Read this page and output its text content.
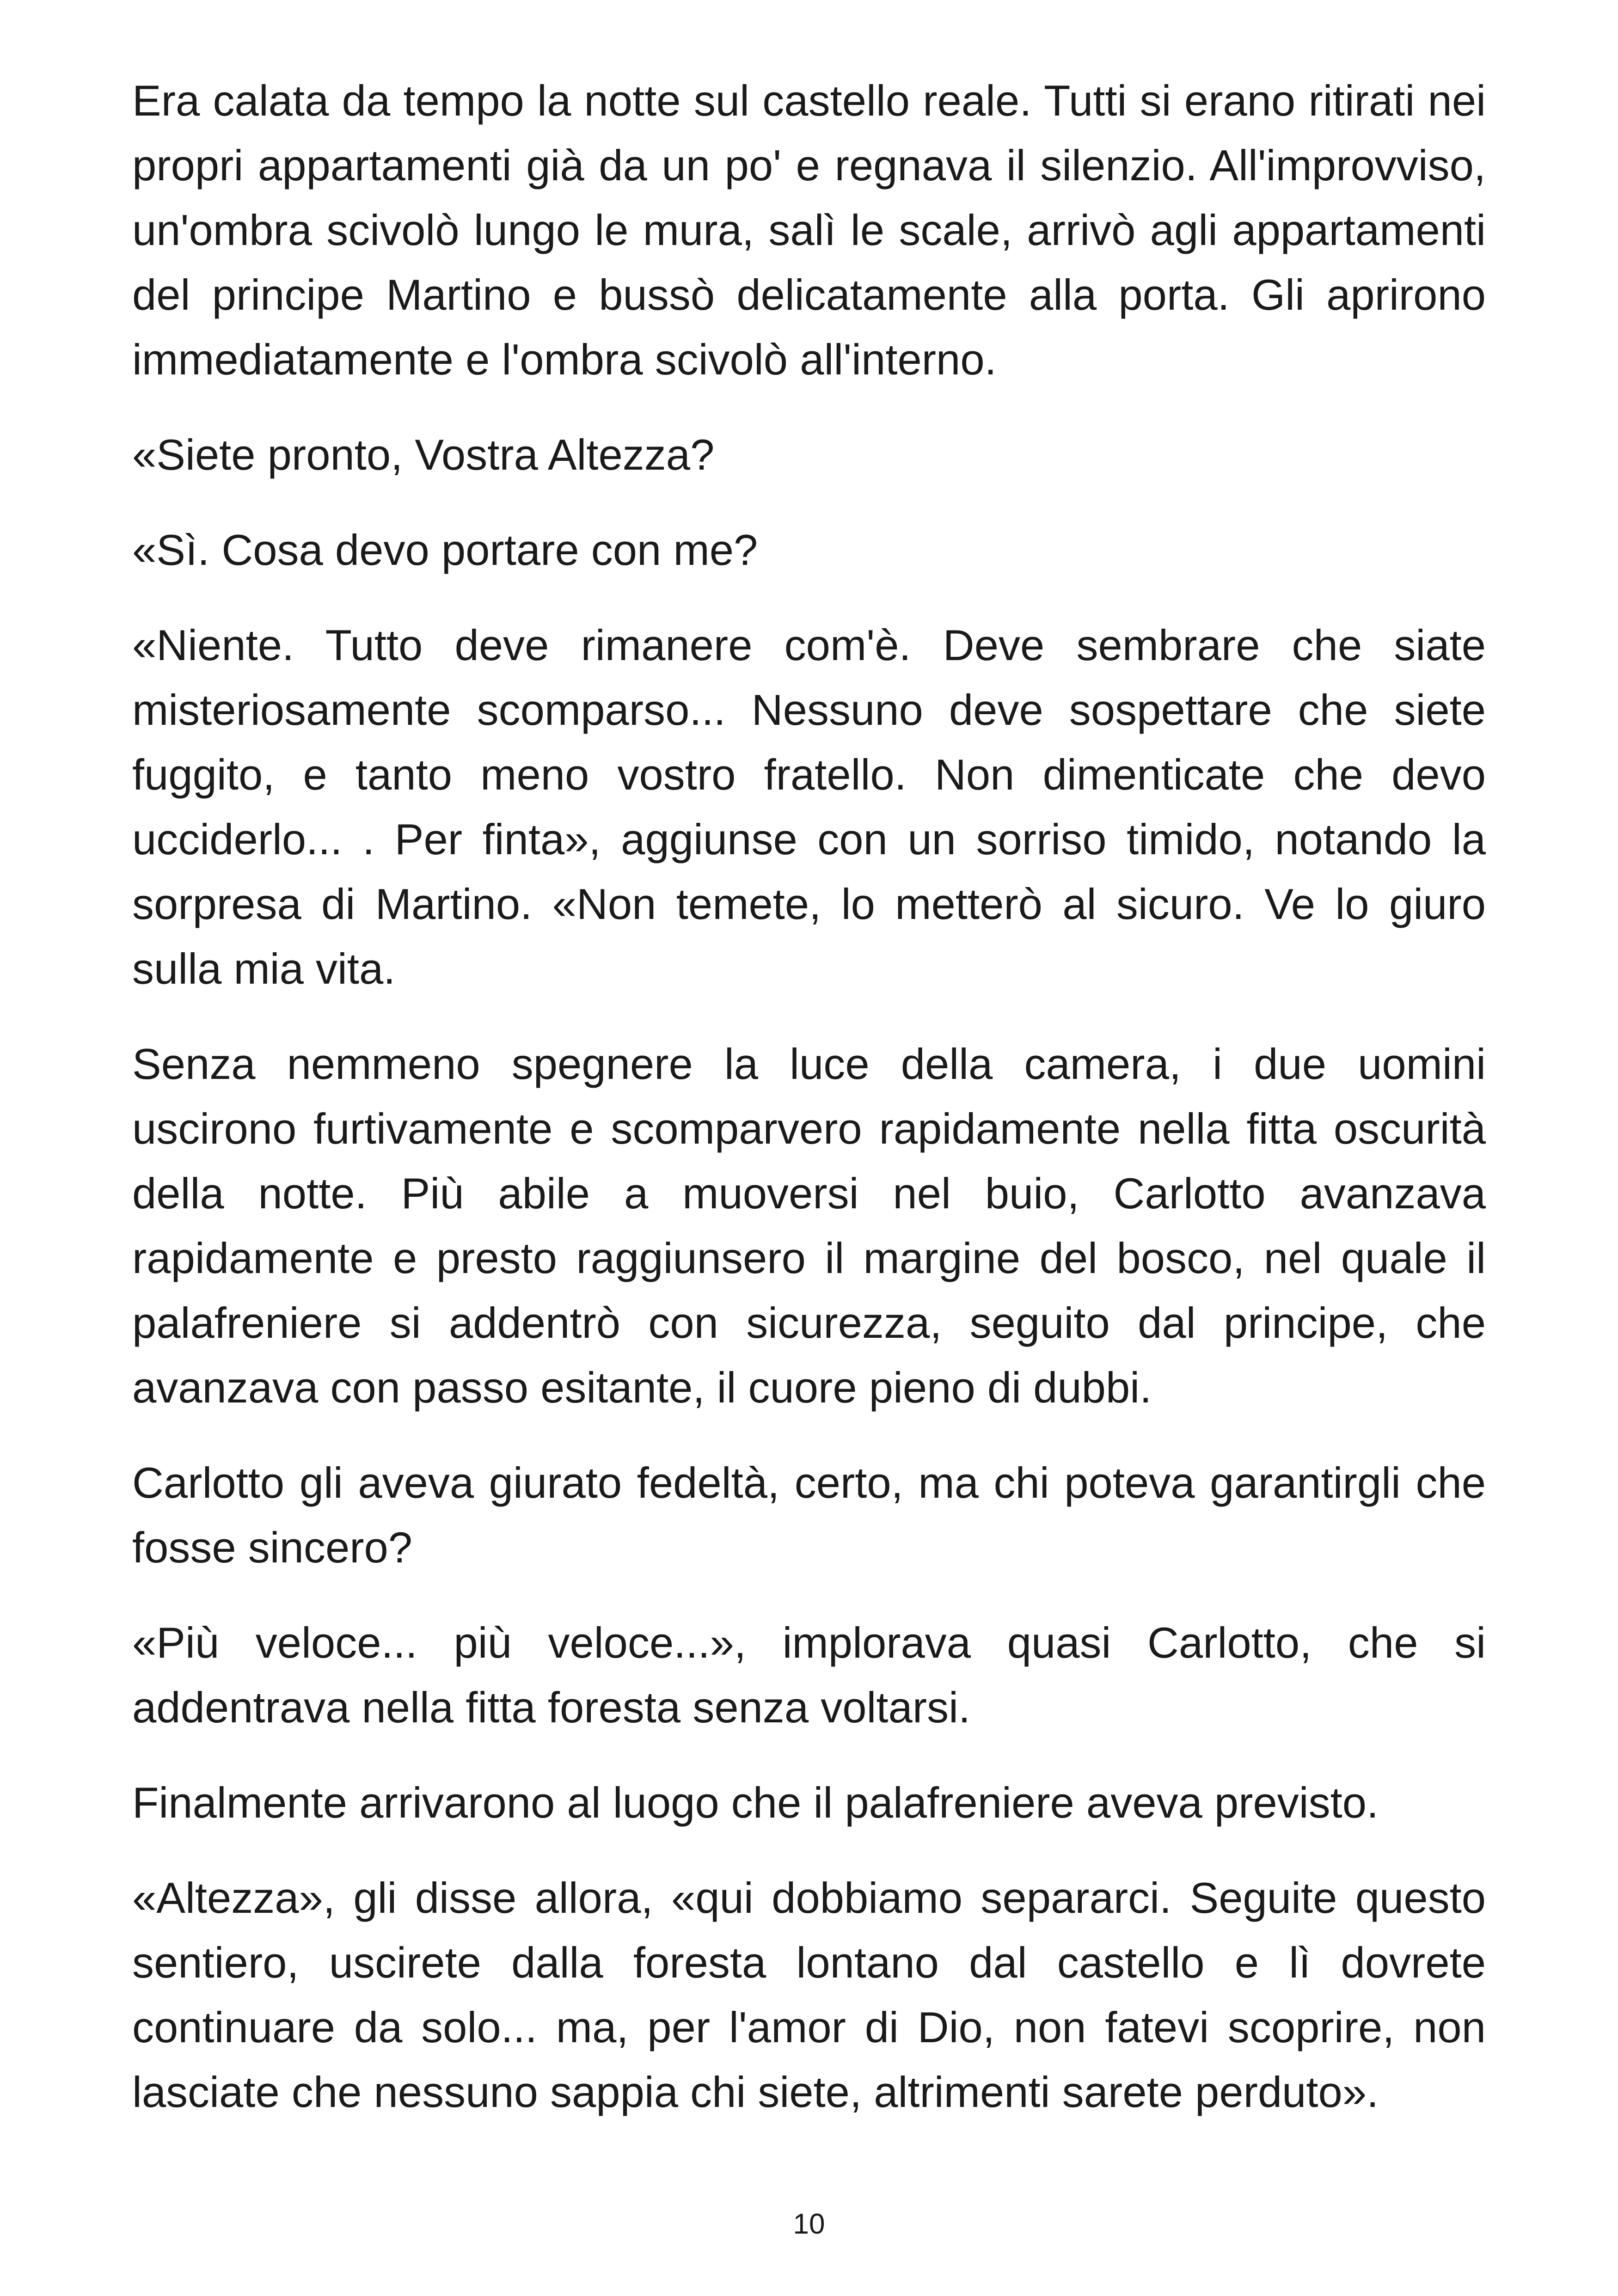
Era calata da tempo la notte sul castello reale. Tutti si erano ritirati nei propri appartamenti già da un po' e regnava il silenzio. All'improvviso, un'ombra scivolò lungo le mura, salì le scale, arrivò agli appartamenti del principe Martino e bussò delicatamente alla porta. Gli aprirono immediatamente e l'ombra scivolò all'interno.

«Siete pronto, Vostra Altezza?

«Sì. Cosa devo portare con me?

«Niente. Tutto deve rimanere com'è. Deve sembrare che siate misteriosamente scomparso... Nessuno deve sospettare che siete fuggito, e tanto meno vostro fratello. Non dimenticate che devo ucciderlo... . Per finta», aggiunse con un sorriso timido, notando la sorpresa di Martino. «Non temete, lo metterò al sicuro. Ve lo giuro sulla mia vita.

Senza nemmeno spegnere la luce della camera, i due uomini uscirono furtivamente e scomparvero rapidamente nella fitta oscurità della notte. Più abile a muoversi nel buio, Carlotto avanzava rapidamente e presto raggiunsero il margine del bosco, nel quale il palafreniere si addentrò con sicurezza, seguito dal principe, che avanzava con passo esitante, il cuore pieno di dubbi.

Carlotto gli aveva giurato fedeltà, certo, ma chi poteva garantirgli che fosse sincero?

«Più veloce... più veloce...», implorava quasi Carlotto, che si addentrava nella fitta foresta senza voltarsi.

Finalmente arrivarono al luogo che il palafreniere aveva previsto.

«Altezza», gli disse allora, «qui dobbiamo separarci. Seguite questo sentiero, uscirete dalla foresta lontano dal castello e lì dovrete continuare da solo... ma, per l'amor di Dio, non fatevi scoprire, non lasciate che nessuno sappia chi siete, altrimenti sarete perduto».

10
